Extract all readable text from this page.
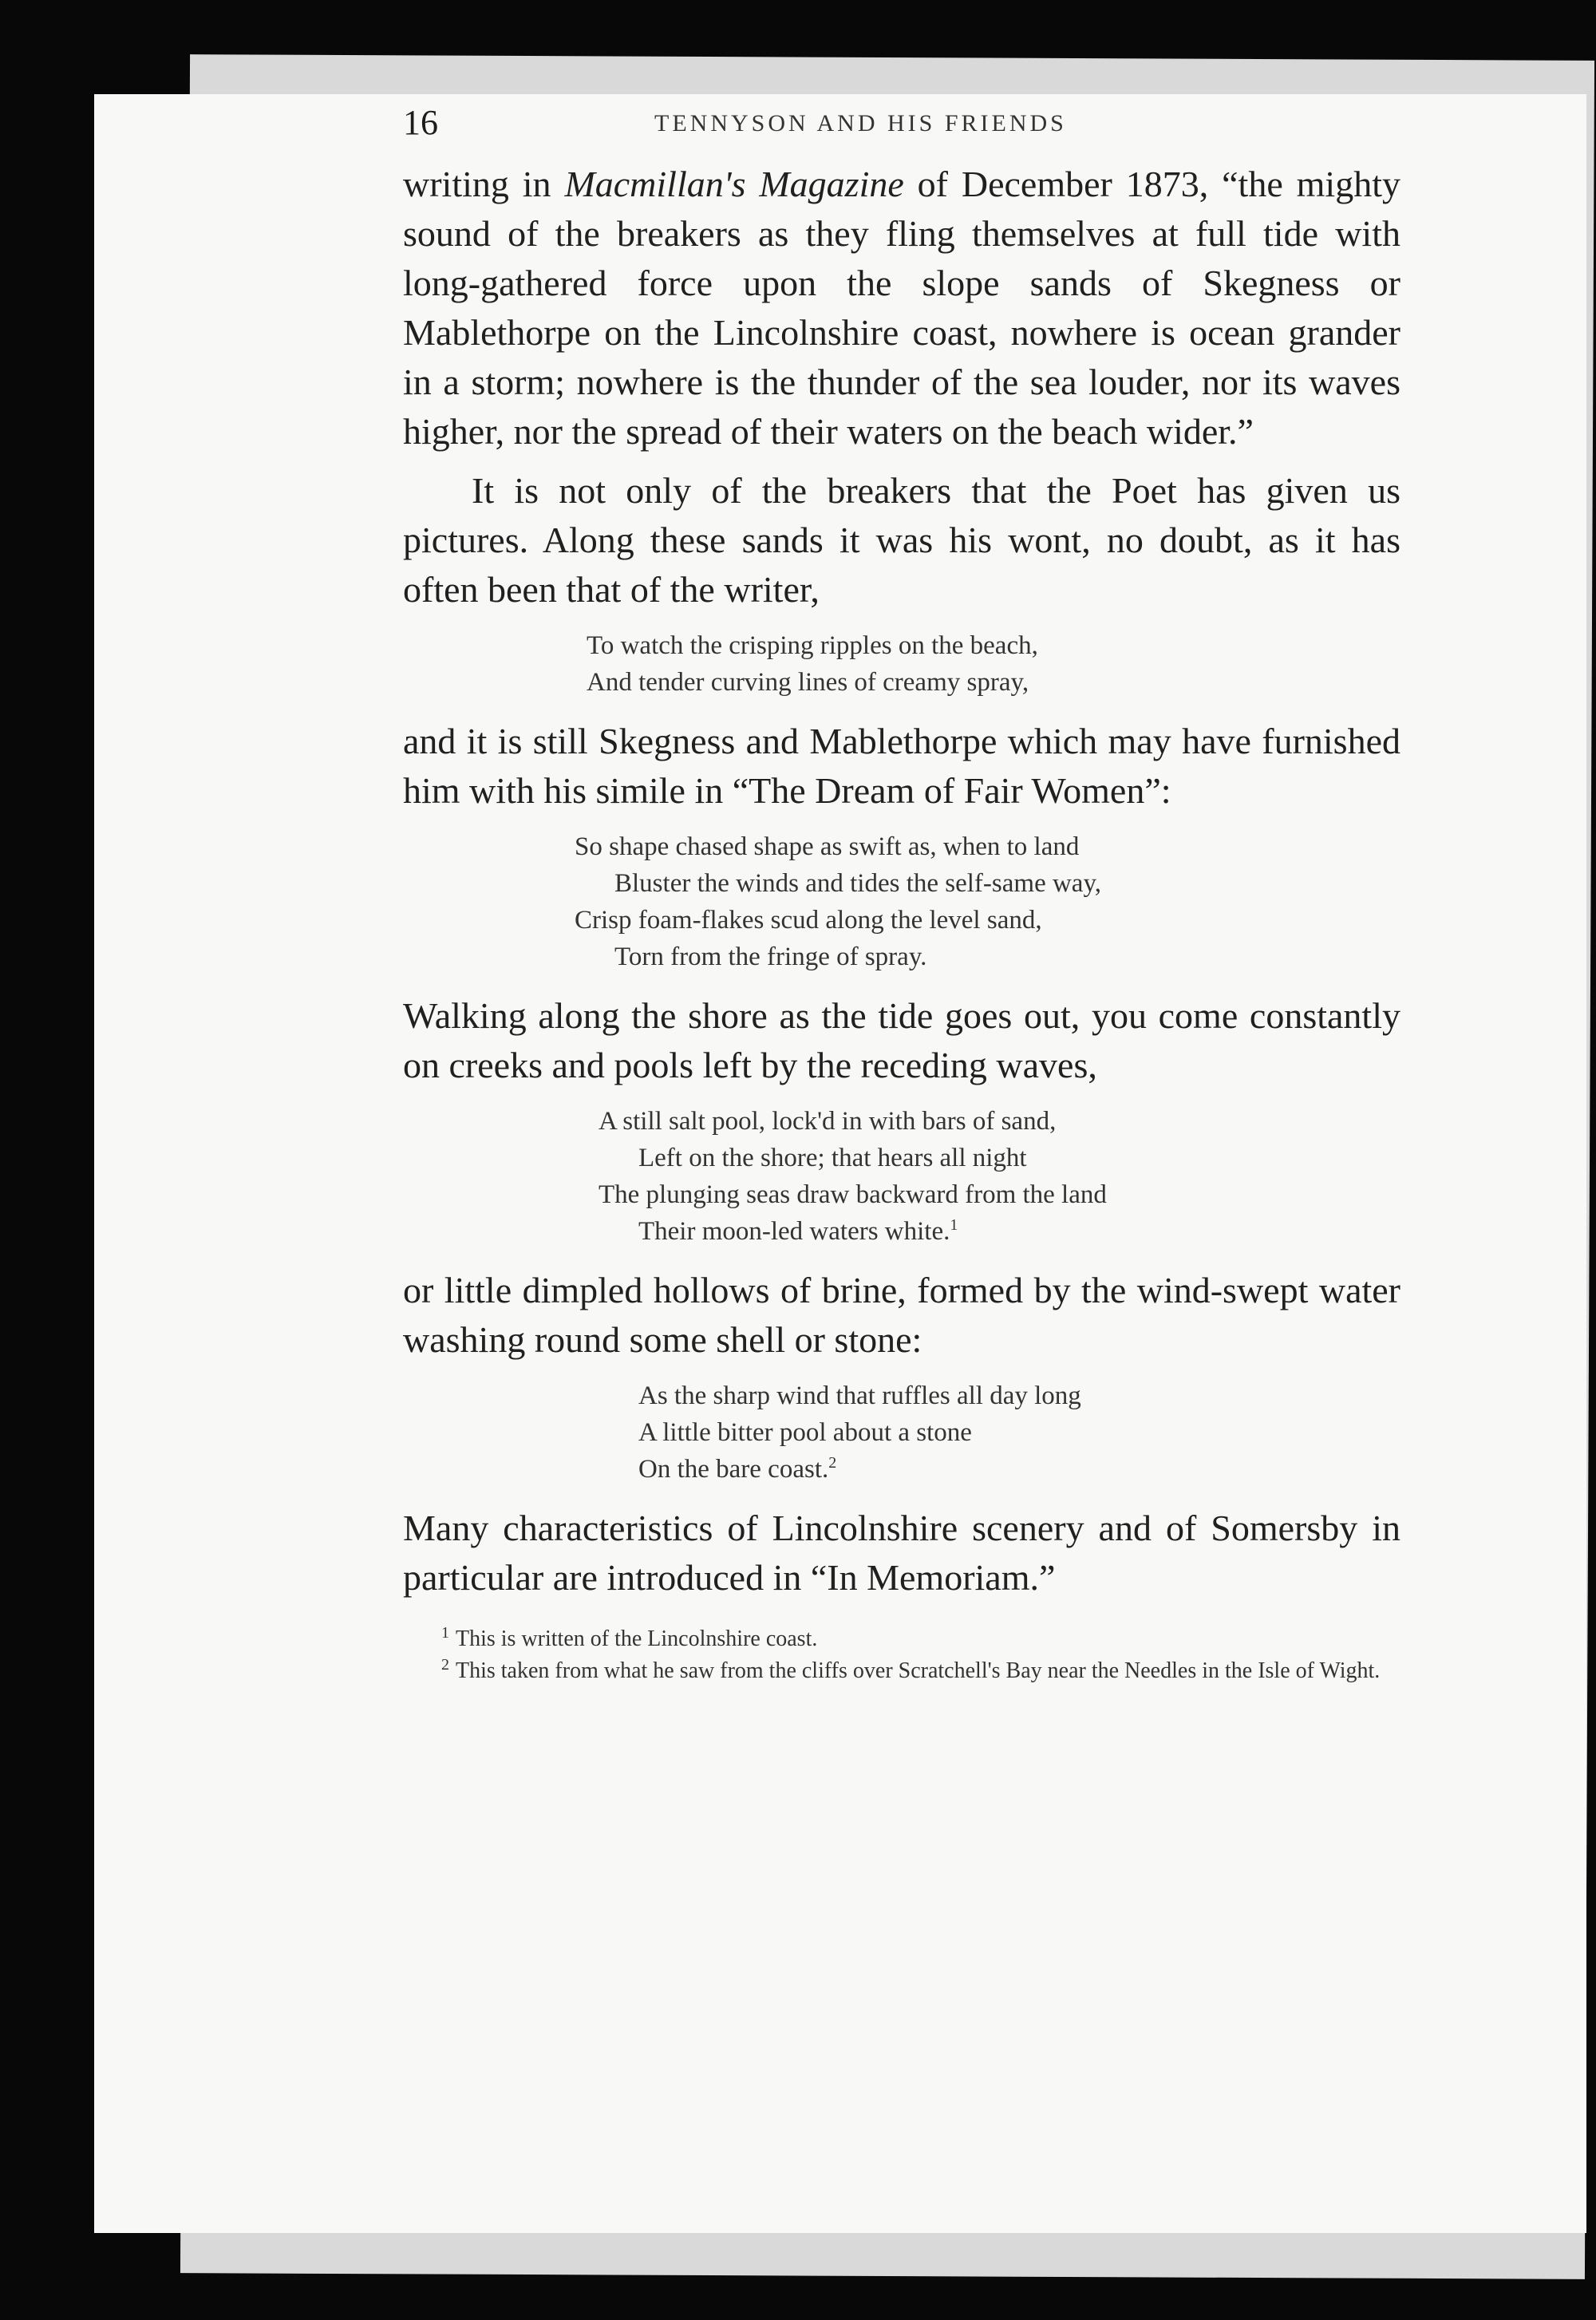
16	TENNYSON AND HIS FRIENDS

writing in Macmillan's Magazine of December 1873, “the mighty sound of the breakers as they fling themselves at full tide with long-gathered force upon the slope sands of Skegness or Mablethorpe on the Lincolnshire coast, nowhere is ocean grander in a storm; nowhere is the thunder of the sea louder, nor its waves higher, nor the spread of their waters on the beach wider.”

It is not only of the breakers that the Poet has given us pictures. Along these sands it was his wont, no doubt, as it has often been that of the writer,

To watch the crisping ripples on the beach,
And tender curving lines of creamy spray,

and it is still Skegness and Mablethorpe which may have furnished him with his simile in “The Dream of Fair Women”:

So shape chased shape as swift as, when to land
Bluster the winds and tides the self-same way,
Crisp foam-flakes scud along the level sand,
Torn from the fringe of spray.

Walking along the shore as the tide goes out, you come constantly on creeks and pools left by the receding waves,

A still salt pool, lock'd in with bars of sand,
Left on the shore; that hears all night
The plunging seas draw backward from the land
Their moon-led waters white.$^1$

or little dimpled hollows of brine, formed by the wind-swept water washing round some shell or stone:

As the sharp wind that ruffles all day long
A little bitter pool about a stone
On the bare coast.$^2$

Many characteristics of Lincolnshire scenery and of Somersby in particular are introduced in “In Memoriam.”

$^1$ This is written of the Lincolnshire coast.

$^2$ This taken from what he saw from the cliffs over Scratchell's Bay near the Needles in the Isle of Wight.
